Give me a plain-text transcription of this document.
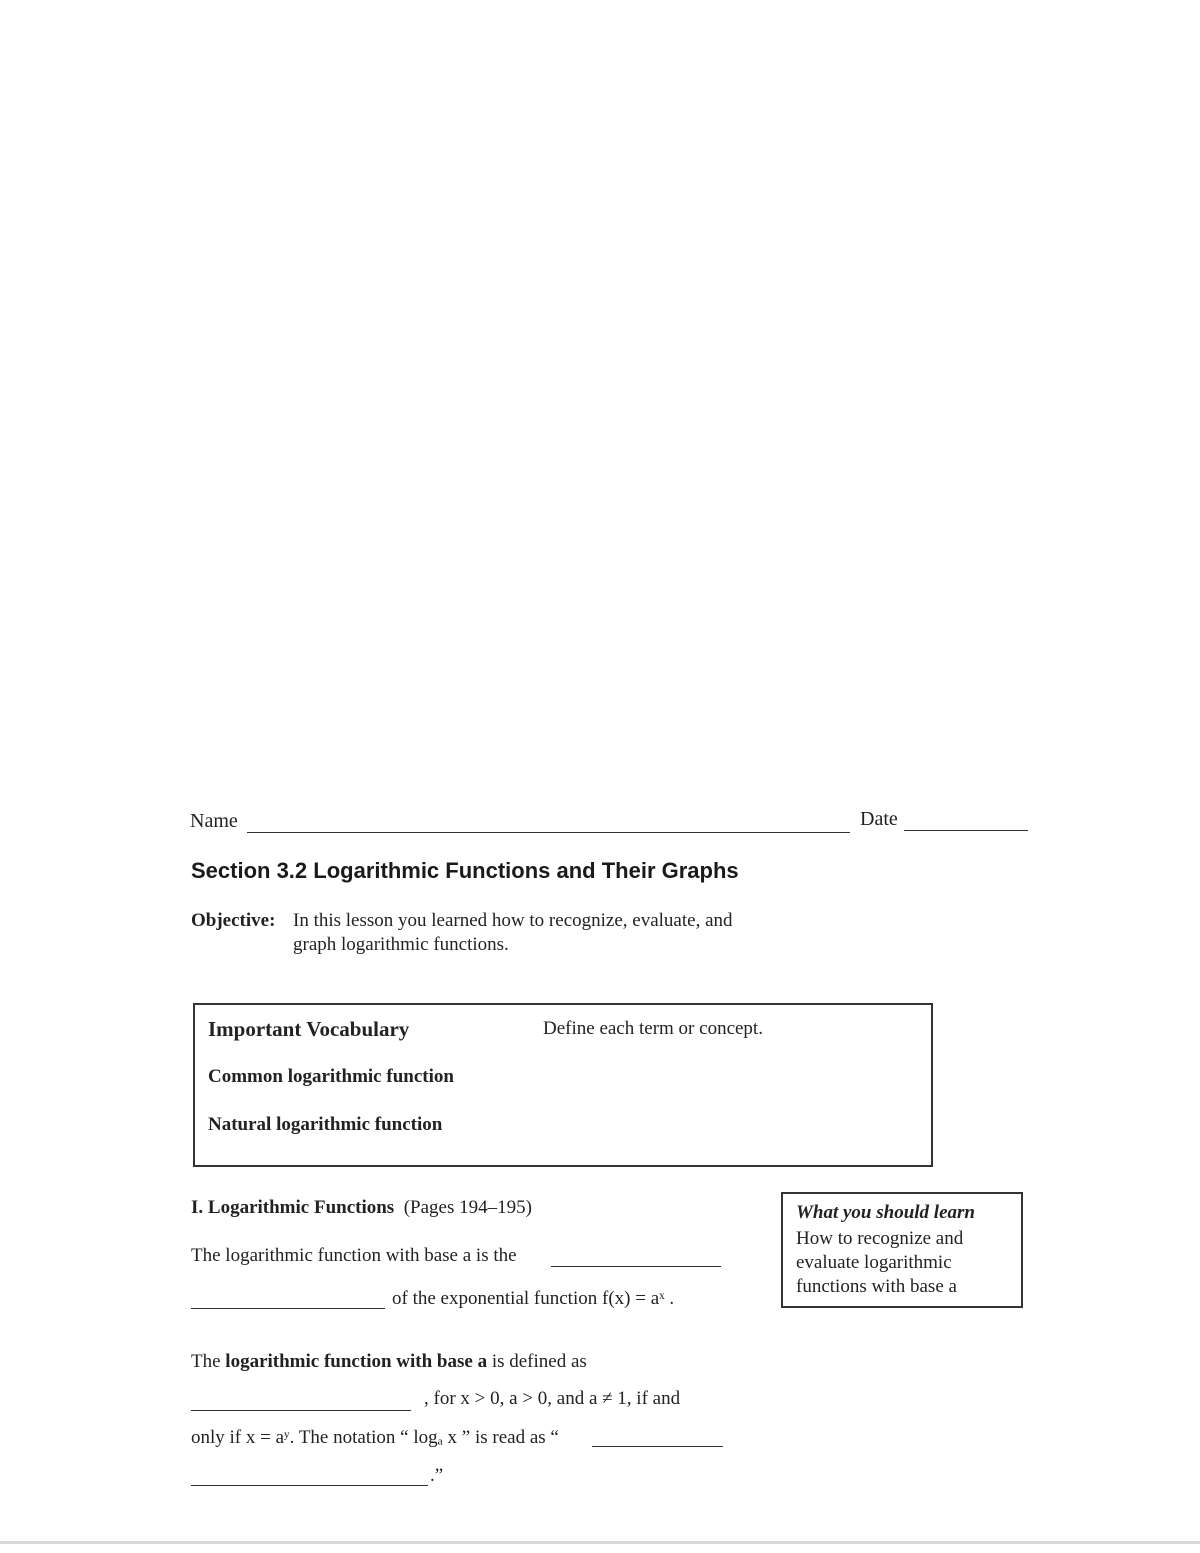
Name	Date
Section 3.2 Logarithmic Functions and Their Graphs
Objective: In this lesson you learned how to recognize, evaluate, and
graph logarithmic functions.
Important Vocabulary	Define each term or concept.
Common logarithmic function
Natural logarithmic function
I. Logarithmic Functions (Pages 194–195)
The logarithmic function with base a is the
of the exponential function f(x) = aˣ .
The logarithmic function with base a is defined as
, for x > 0, a > 0, and a ≠ 1, if and
only if x = aʸ. The notation “ logₐ x ” is read as “
.”
What you should learn
How to recognize and
evaluate logarithmic
functions with base a
